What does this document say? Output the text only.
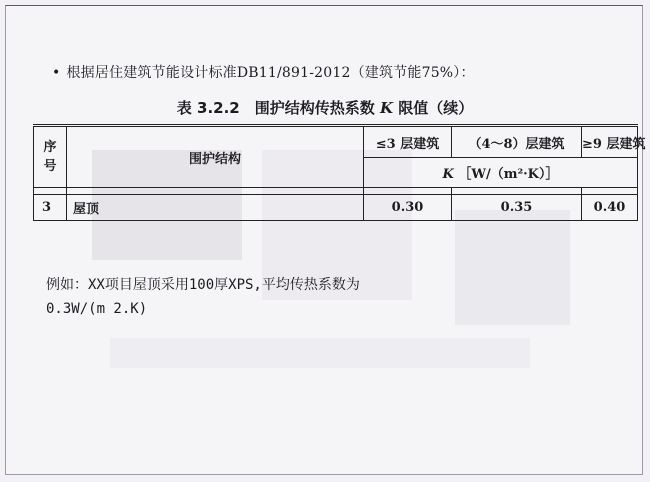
• 根据居住建筑节能设计标准DB11/891-2012（建筑节能75%）：
表 3.2.2　围护结构传热系数 K 限值（续）
序号	围护结构	≤3 层建筑	（4～8）层建筑	≥9 层建筑
		K ［W/（m²·K）］		

3	屋顶	0.30	0.35	0.40
例如：XX项目屋顶采用100厚XPS,平均传热系数为
0.3W/(m 2.K)
